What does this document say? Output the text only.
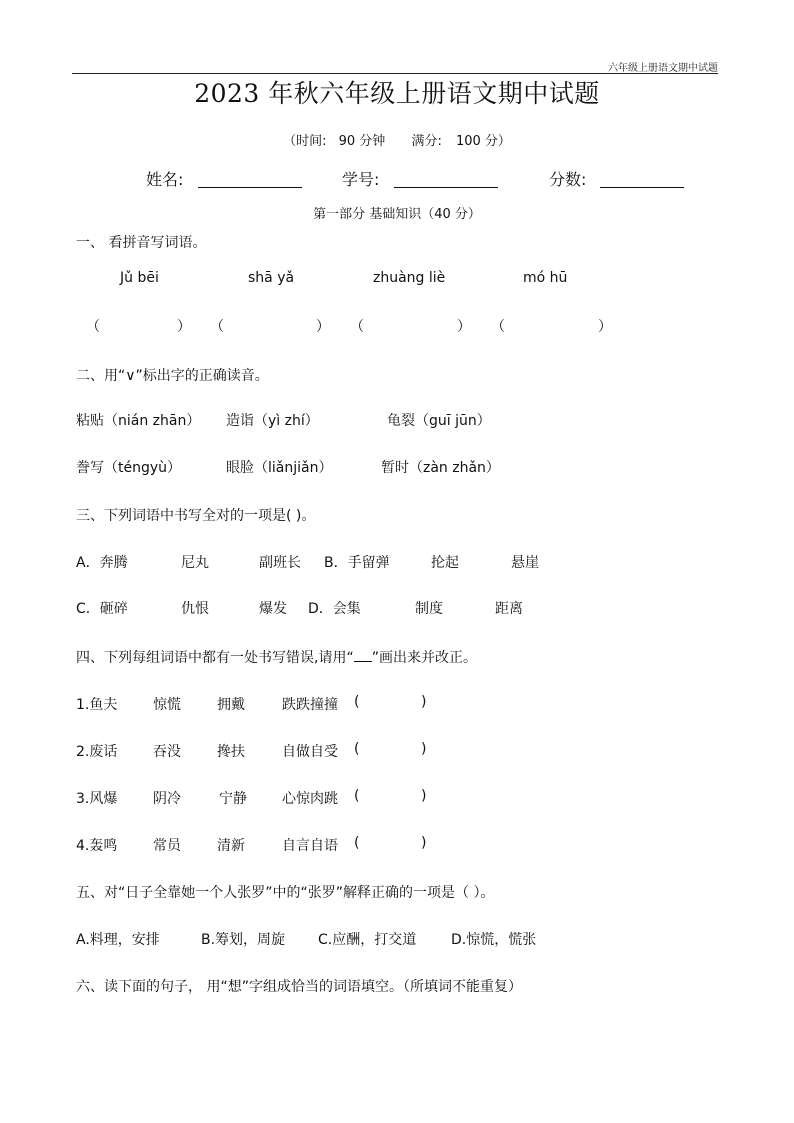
六年级上册语文期中试题
2023 年秋六年级上册语文期中试题
（时间: 90 分钟 满分: 100 分）
姓名:	学号:	分数:
第一部分 基础知识（40 分）
一、 看拼音写词语。
Jǔ bēi	shā yǎ	zhuàng liè	mó hū
（	） （	） （	） （	）
二、用“∨”标出字的正确读音。
粘贴（nián zhān） 造诣（yì zhí）	龟裂（guī jūn）
誊写（téngyù）	眼脸（liǎnjiǎn）	暂时（zàn zhǎn）
三、下列词语中书写全对的一项是( )。
A．奔腾	尼丸	副班长 B．手留弹	抡起	悬崖
C．砸碎	仇恨	爆发 D．会集	制度	距离
四、下列每组词语中都有一处书写错误,请用“ ”画出来并改正。
1.鱼夫	惊慌	拥戴	跌跌撞撞 (	)
2.废话	吞没	搀扶	自做自受 (	)
3.风爆	阴冷	宁静	心惊肉跳 (	)
4.轰鸣	常员	清新	自言自语 (	)
五、对“日子全靠她一个人张罗”中的“张罗”解释正确的一项是（ ）。
A.料理，安排	B.筹划，周旋 C.应酬，打交道 D.惊慌，慌张
六、读下面的句子， 用“想”字组成恰当的词语填空。（所填词不能重复）
